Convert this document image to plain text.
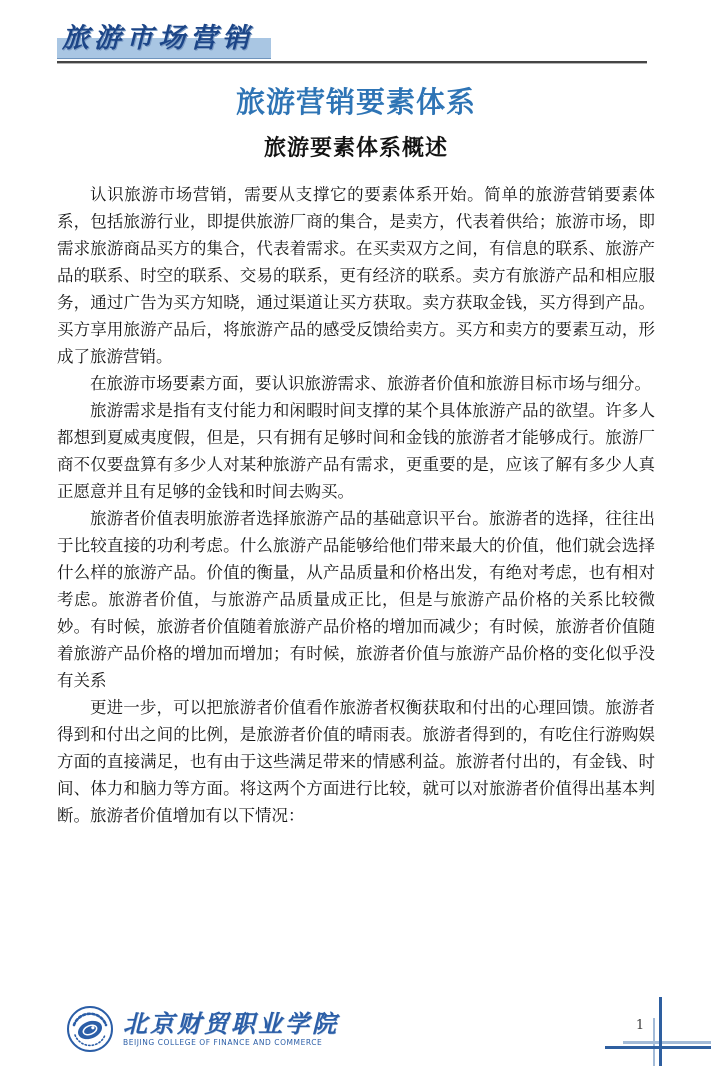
旅游市场营销
旅游营销要素体系
旅游要素体系概述

认识旅游市场营销，需要从支撑它的要素体系开始。简单的旅游营销要素体系，包括旅游行业，即提供旅游厂商的集合，是卖方，代表着供给；旅游市场，即需求旅游商品买方的集合，代表着需求。在买卖双方之间，有信息的联系、旅游产品的联系、时空的联系、交易的联系，更有经济的联系。卖方有旅游产品和相应服务，通过广告为买方知晓，通过渠道让买方获取。卖方获取金钱，买方得到产品。买方享用旅游产品后，将旅游产品的感受反馈给卖方。买方和卖方的要素互动，形成了旅游营销。

在旅游市场要素方面，要认识旅游需求、旅游者价值和旅游目标市场与细分。

旅游需求是指有支付能力和闲暇时间支撑的某个具体旅游产品的欲望。许多人都想到夏威夷度假，但是，只有拥有足够时间和金钱的旅游者才能够成行。旅游厂商不仅要盘算有多少人对某种旅游产品有需求，更重要的是，应该了解有多少人真正愿意并且有足够的金钱和时间去购买。

旅游者价值表明旅游者选择旅游产品的基础意识平台。旅游者的选择，往往出于比较直接的功利考虑。什么旅游产品能够给他们带来最大的价值，他们就会选择什么样的旅游产品。价值的衡量，从产品质量和价格出发，有绝对考虑，也有相对考虑。旅游者价值，与旅游产品质量成正比，但是与旅游产品价格的关系比较微妙。有时候，旅游者价值随着旅游产品价格的增加而减少；有时候，旅游者价值随着旅游产品价格的增加而增加；有时候，旅游者价值与旅游产品价格的变化似乎没有关系

更进一步，可以把旅游者价值看作旅游者权衡获取和付出的心理回馈。旅游者得到和付出之间的比例，是旅游者价值的晴雨表。旅游者得到的，有吃住行游购娱方面的直接满足，也有由于这些满足带来的情感利益。旅游者付出的，有金钱、时间、体力和脑力等方面。将这两个方面进行比较，就可以对旅游者价值得出基本判断。旅游者价值增加有以下情况：

北京财贸职业学院
BEIJING COLLEGE OF FINANCE AND COMMERCE
1
